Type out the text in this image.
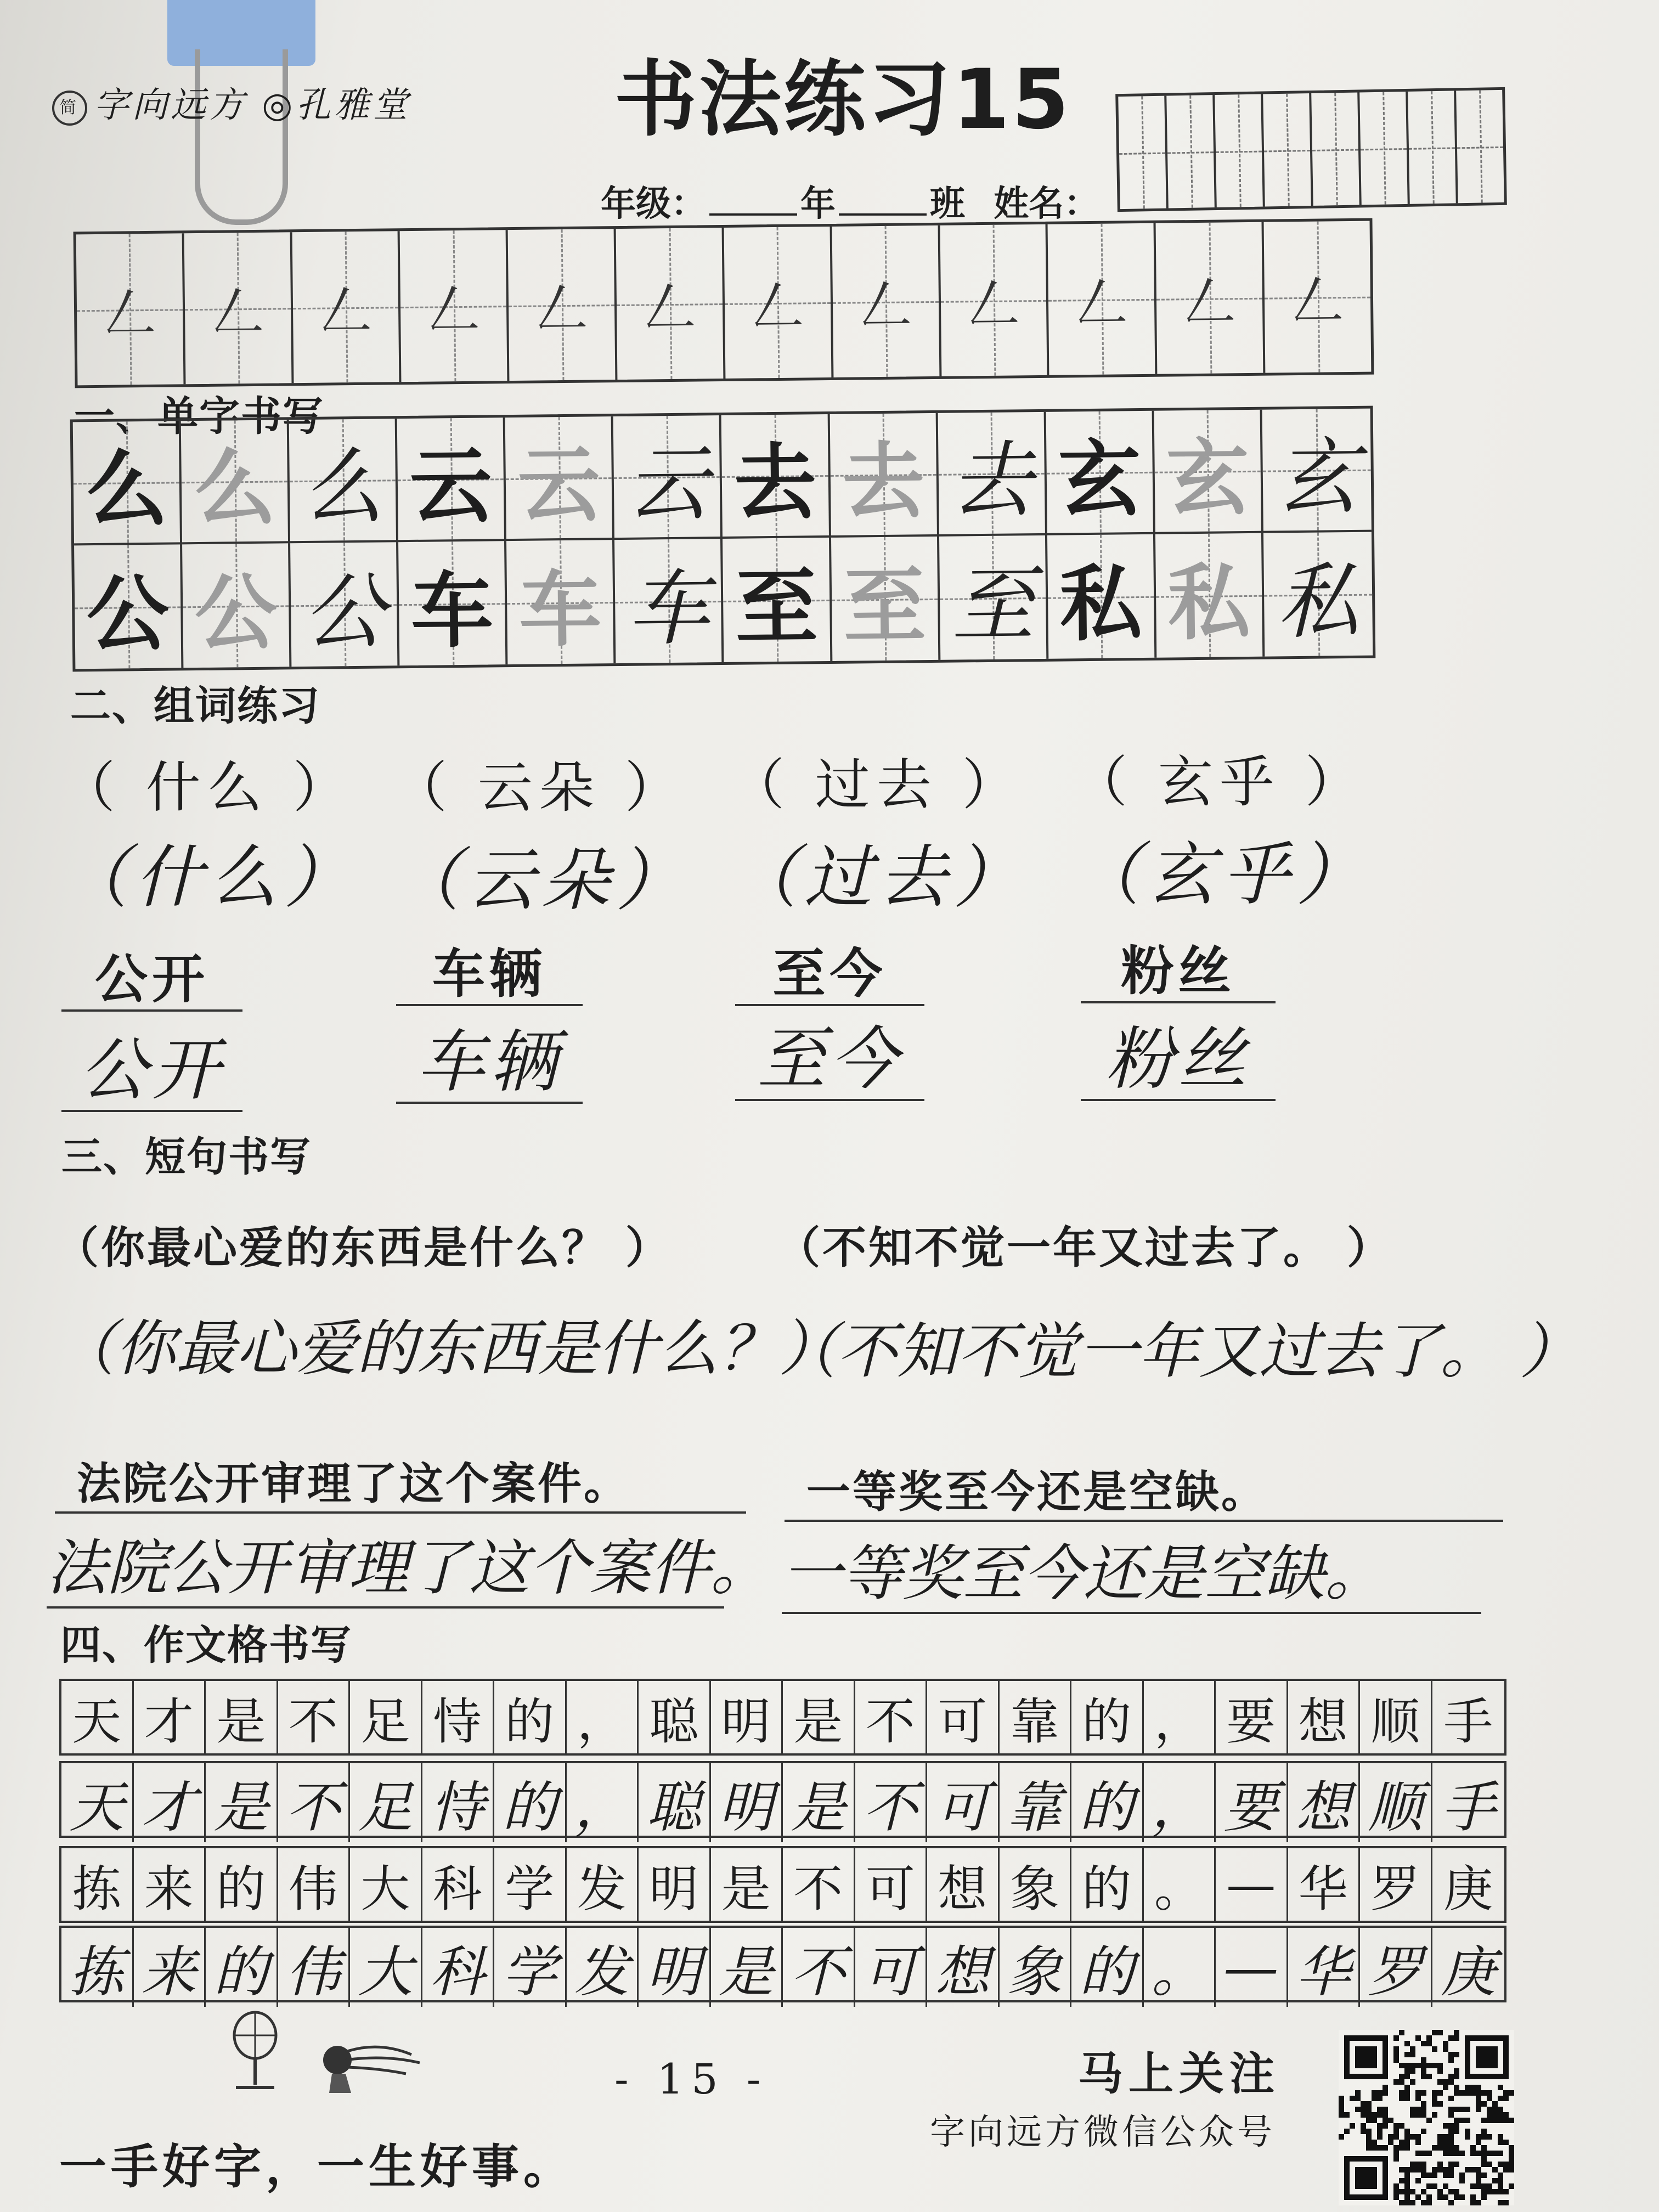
简 字向远方 ◎孔雅堂 书法练习15
年级：	年	班 姓名：
𠃋 𠃋 𠃋 𠃋 𠃋 𠃋 𠃋 𠃋 𠃋 𠃋 𠃋 𠃋
一、单字书写
么 么 么 云 云 云 去 去 去 玄 玄 玄
公 公 公 车 车 车 至 至 至 私 私 私
二、组词练习
（ 什么 ） （ 云朵 ） （ 过去 ） （ 玄乎 ）
（什么） （云朵） （过去） （玄乎）
公开	车辆	至今	粉丝
公开	车辆	至今	粉丝
三、短句书写
（你最心爱的东西是什么？ ）
（你最心爱的东西是什么？）
（不知不觉一年又过去了。 ）
（不知不觉一年又过去了。 ）
法院公开审理了这个案件。
法院公开审理了这个案件。
一等奖至今还是空缺。
一等奖至今还是空缺。
四、作文格书写
天 才 是 不 足 恃 的 ， 聪 明 是 不 可 靠 的 ， 要 想 顺 手
天 才 是 不 足 恃 的 ， 聪 明 是 不 可 靠 的 ， 要 想 顺 手
拣 来 的 伟 大 科 学 发 明 是 不 可 想 象 的 。 — 华 罗 庚
拣 来 的 伟 大 科 学 发 明 是 不 可 想 象 的 。 — 华 罗 庚
- 15 -
一手好字，一生好事。
马上关注
字向远方微信公众号
